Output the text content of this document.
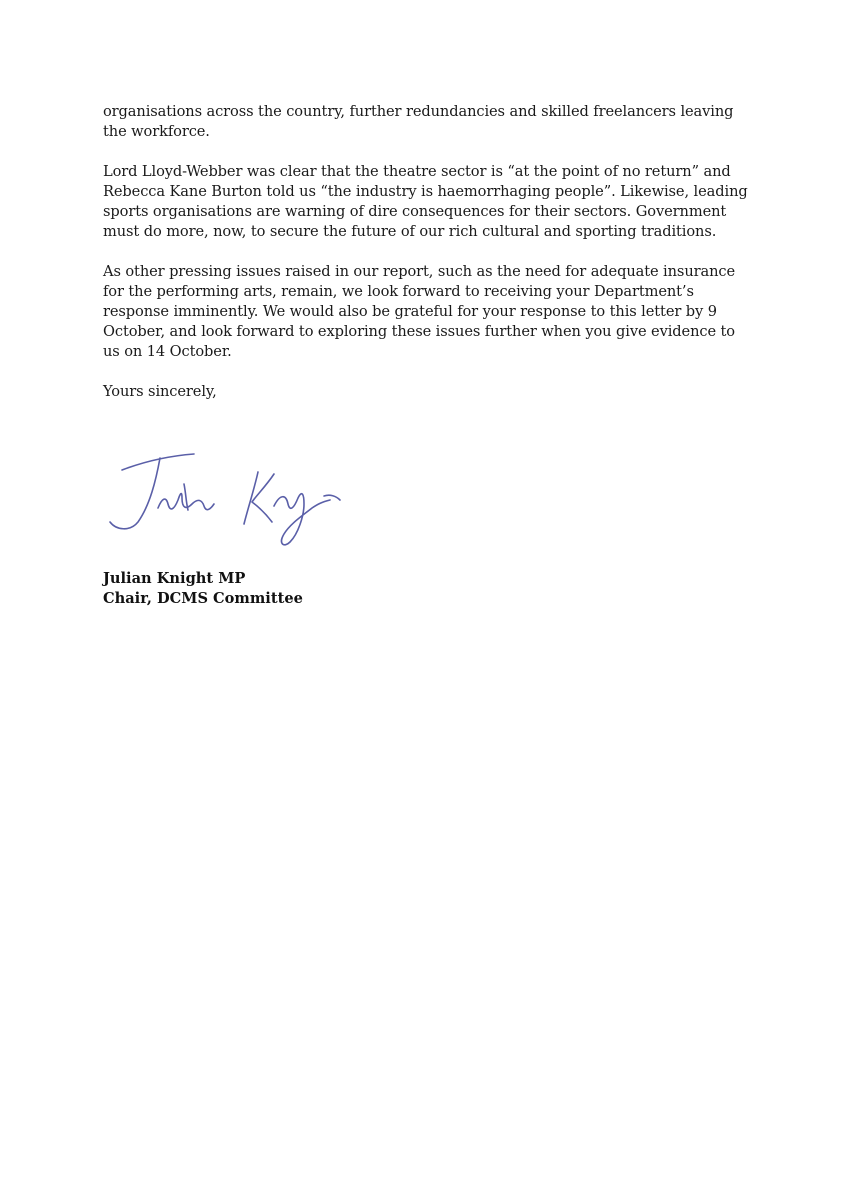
organisations across the country, further redundancies and skilled freelancers leaving the workforce.

Lord Lloyd-Webber was clear that the theatre sector is “at the point of no return” and Rebecca Kane Burton told us “the industry is haemorrhaging people”. Likewise, leading sports organisations are warning of dire consequences for their sectors. Government must do more, now, to secure the future of our rich cultural and sporting traditions.

As other pressing issues raised in our report, such as the need for adequate insurance for the performing arts, remain, we look forward to receiving your Department’s response imminently. We would also be grateful for your response to this letter by 9 October, and look forward to exploring these issues further when you give evidence to us on 14 October.

Yours sincerely,

Julian Knight MP
Chair, DCMS Committee
